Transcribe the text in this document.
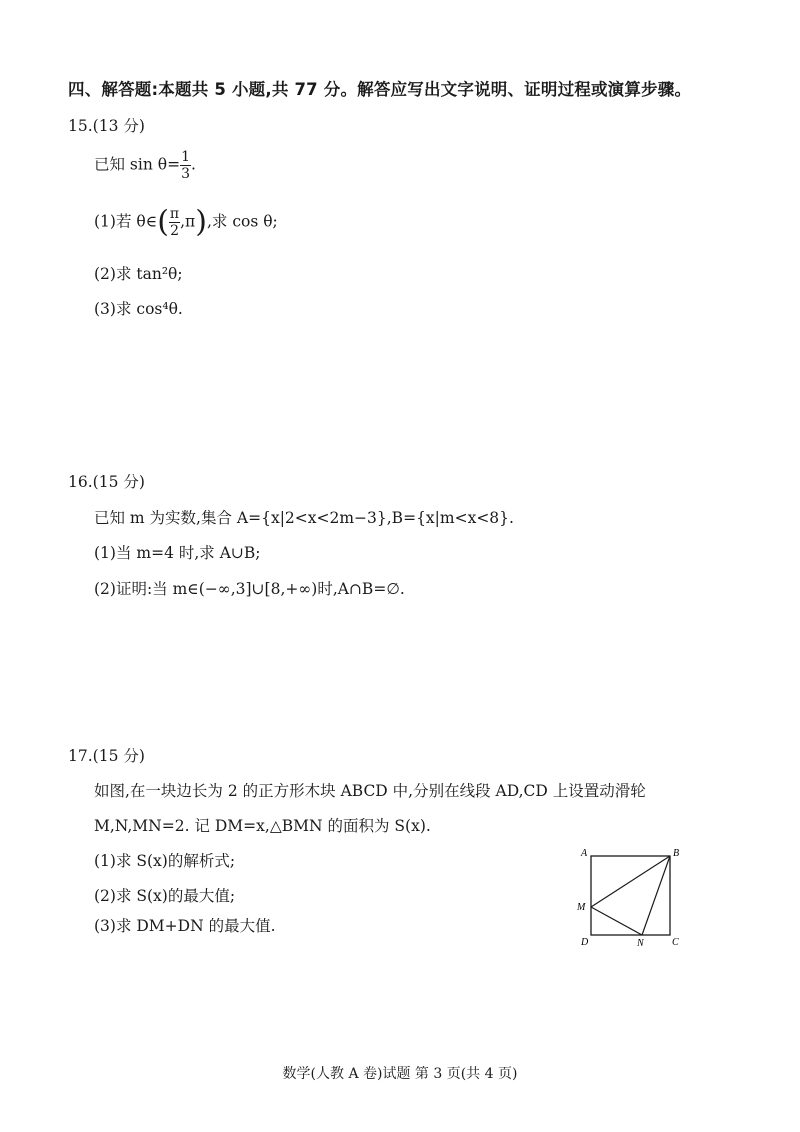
四、解答题:本题共 5 小题,共 77 分。解答应写出文字说明、证明过程或演算步骤。
15.(13 分)
已知 $\sin \theta= \frac{1}{3}$ .
(1)若 θ∈( $\frac{\pi}{2} ,\pi$),求 cos θ;
(2)求 tan²θ;
(3)求 cos⁴θ.
16.(15 分)
已知 m 为实数,集合 A={x|2<x<2m−3},B={x|m<x<8}.
(1)当 m=4 时,求 A∪B;
(2)证明:当 m∈(−∞,3]∪[8,+∞)时,A∩B=∅.
17.(15 分)
如图,在一块边长为 2 的正方形木块 ABCD 中,分别在线段 AD,CD 上设置动滑轮
M,N,MN=2. 记 DM=x,△BMN 的面积为 S(x).
(1)求 S(x)的解析式;
(2)求 S(x)的最大值;
(3)求 DM+DN 的最大值.
A	B
M
D	N	C
数学(人教 A 卷)试题 第 3 页(共 4 页)
